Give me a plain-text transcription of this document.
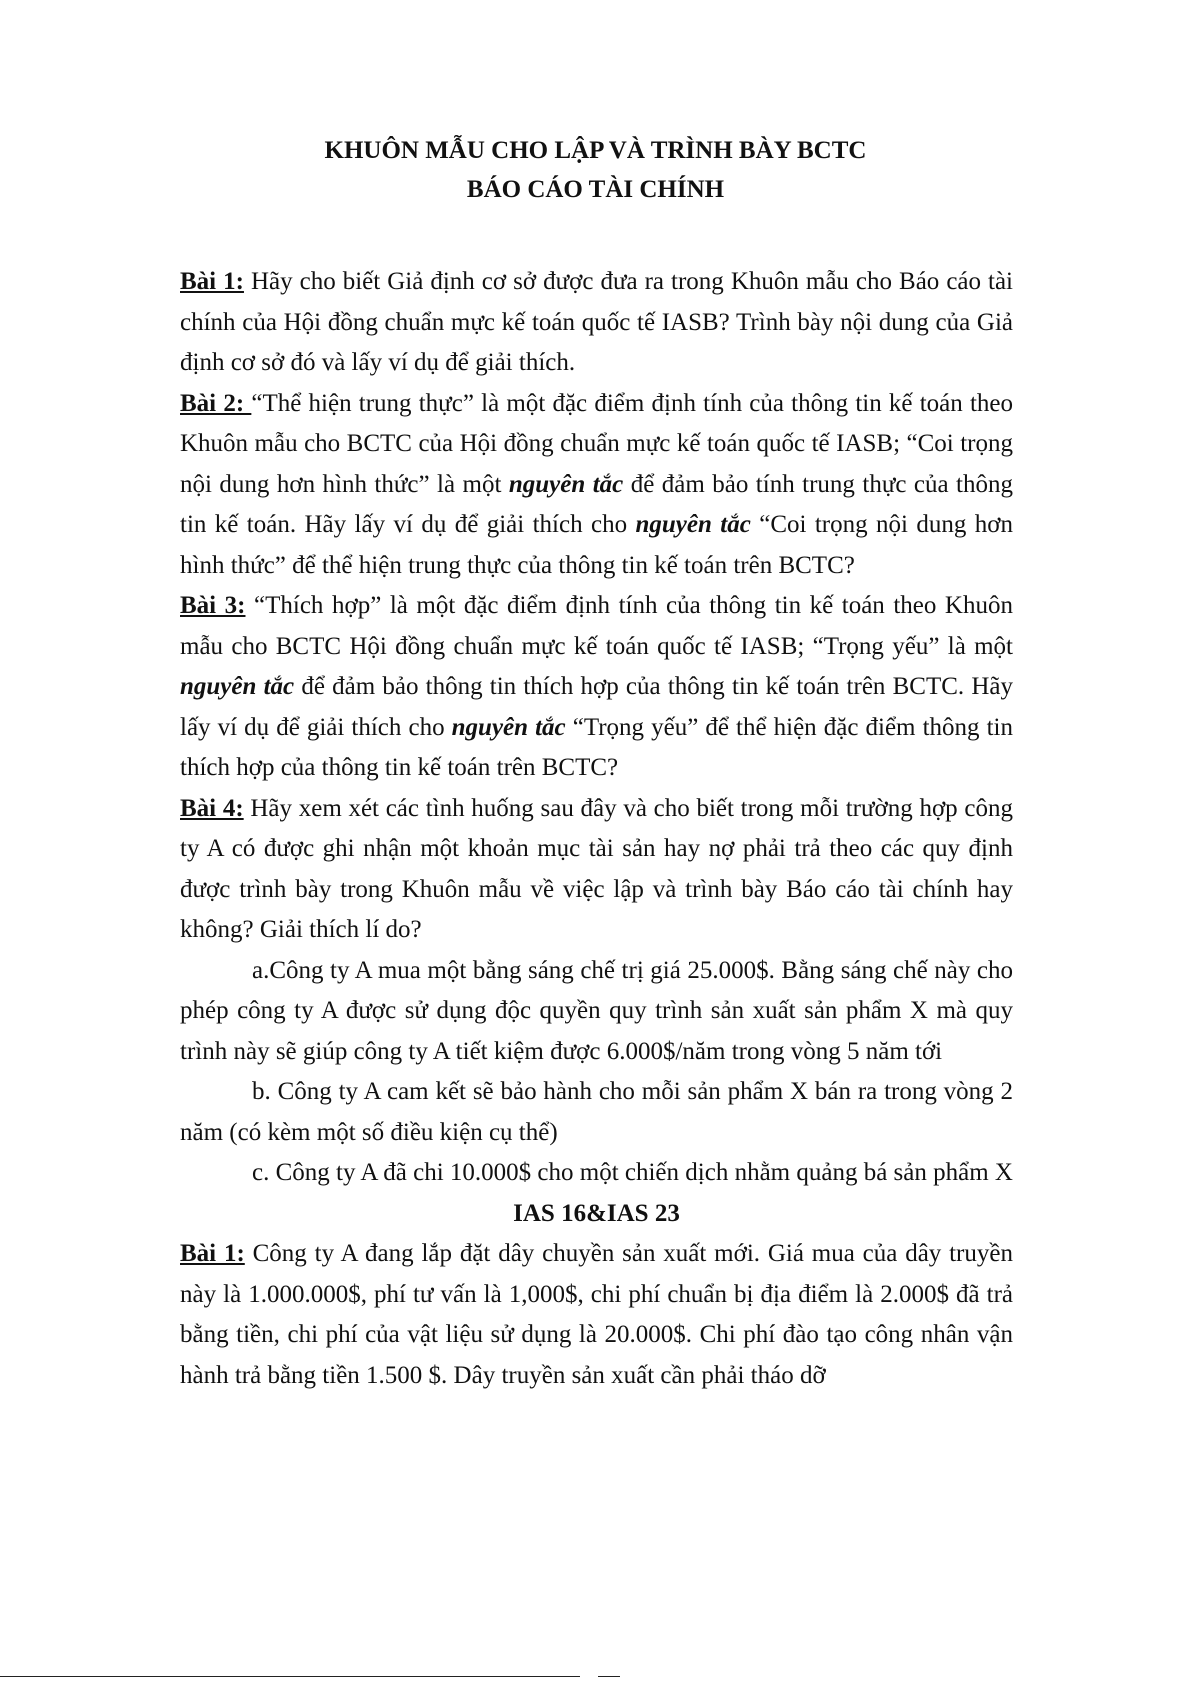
KHUÔN MẪU CHO LẬP VÀ TRÌNH BÀY BCTC
BÁO CÁO TÀI CHÍNH

Bài 1: Hãy cho biết Giả định cơ sở được đưa ra trong Khuôn mẫu cho Báo cáo tài chính của Hội đồng chuẩn mực kế toán quốc tế IASB? Trình bày nội dung của Giả định cơ sở đó và lấy ví dụ để giải thích.

Bài 2: “Thể hiện trung thực” là một đặc điểm định tính của thông tin kế toán theo Khuôn mẫu cho BCTC của Hội đồng chuẩn mực kế toán quốc tế IASB; “Coi trọng nội dung hơn hình thức” là một nguyên tắc để đảm bảo tính trung thực của thông tin kế toán. Hãy lấy ví dụ để giải thích cho nguyên tắc “Coi trọng nội dung hơn hình thức” để thể hiện trung thực của thông tin kế toán trên BCTC?

Bài 3: “Thích hợp” là một đặc điểm định tính của thông tin kế toán theo Khuôn mẫu cho BCTC Hội đồng chuẩn mực kế toán quốc tế IASB; “Trọng yếu” là một nguyên tắc để đảm bảo thông tin thích hợp của thông tin kế toán trên BCTC. Hãy lấy ví dụ để giải thích cho nguyên tắc “Trọng yếu” để thể hiện đặc điểm thông tin thích hợp của thông tin kế toán trên BCTC?

Bài 4: Hãy xem xét các tình huống sau đây và cho biết trong mỗi trường hợp công ty A có được ghi nhận một khoản mục tài sản hay nợ phải trả theo các quy định được trình bày trong Khuôn mẫu về việc lập và trình bày Báo cáo tài chính hay không? Giải thích lí do?

a.Công ty A mua một bằng sáng chế trị giá 25.000$. Bằng sáng chế này cho phép công ty A được sử dụng độc quyền quy trình sản xuất sản phẩm X mà quy trình này sẽ giúp công ty A tiết kiệm được 6.000$/năm trong vòng 5 năm tới

b. Công ty A cam kết sẽ bảo hành cho mỗi sản phẩm X bán ra trong vòng 2 năm (có kèm một số điều kiện cụ thể)

c. Công ty A đã chi 10.000$ cho một chiến dịch nhằm quảng bá sản phẩm X

IAS 16&IAS 23

Bài 1: Công ty A đang lắp đặt dây chuyền sản xuất mới. Giá mua của dây truyền này là 1.000.000$, phí tư vấn là 1,000$, chi phí chuẩn bị địa điểm là 2.000$ đã trả bằng tiền, chi phí của vật liệu sử dụng là 20.000$. Chi phí đào tạo công nhân vận hành trả bằng tiền 1.500 $. Dây truyền sản xuất cần phải tháo dỡ
